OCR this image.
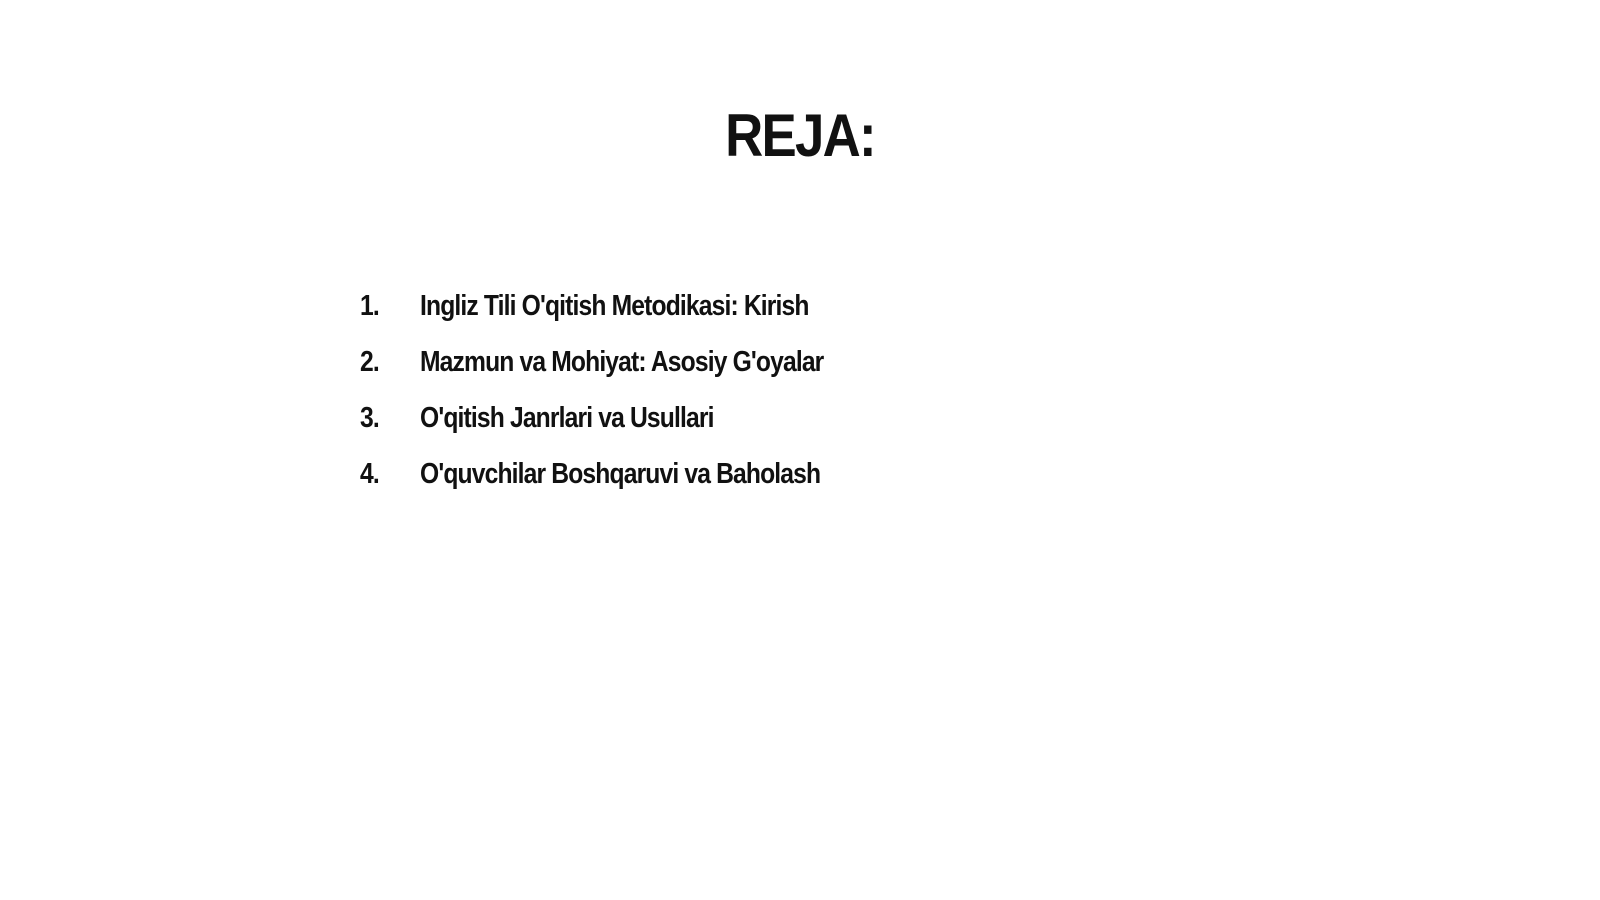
REJA:
1.	Ingliz Tili O'qitish Metodikasi: Kirish
2.	Mazmun va Mohiyat: Asosiy G'oyalar
3.	O'qitish Janrlari va Usullari
4.	O'quvchilar Boshqaruvi va Baholash
